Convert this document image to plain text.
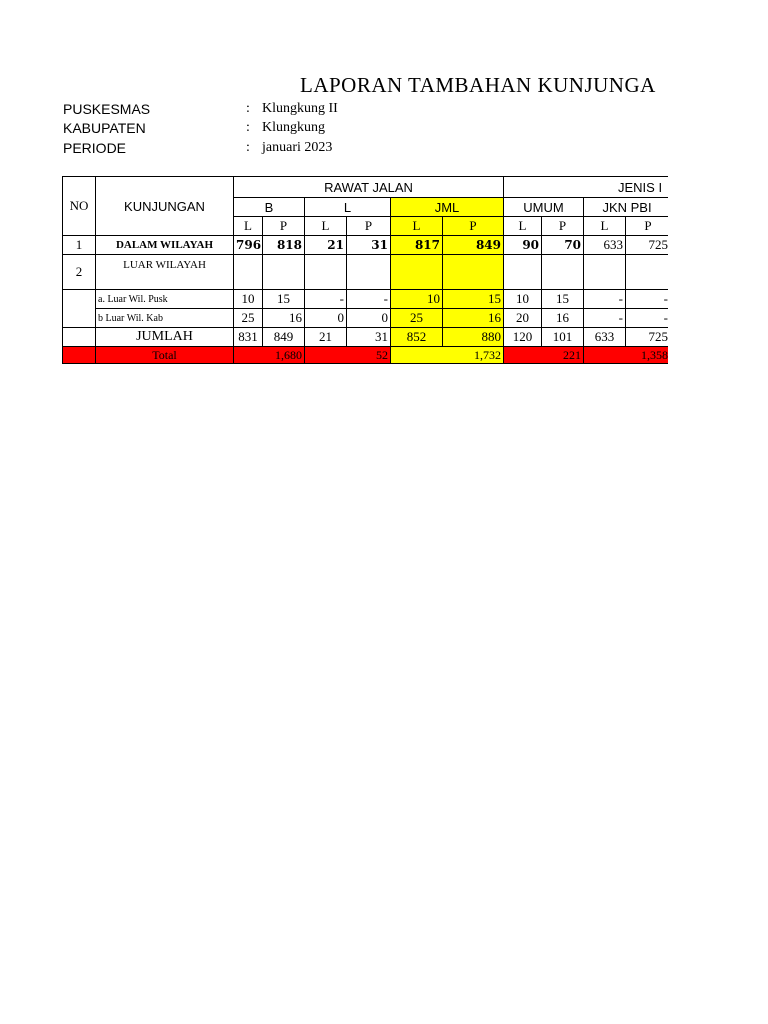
LAPORAN TAMBAHAN KUNJUNGA
PUSKESMAS	: Klungkung II
KABUPATEN	: Klungkung
PERIODE	: januari 2023
NO	KUNJUNGAN	RAWAT JALAN						JENIS I				
		B		L		JML		UMUM		JKN PBI		
		L	P	L	P	L	P	L	P	L	P	
1	DALAM WILAYAH	796	818	21	31	817	849	90	70	633	725	
2	LUAR WILAYAH											
	a. Luar Wil. Pusk	10	15	-	-	10	15	10	15	-	-	
	b Luar Wil. Kab	25	16	0	0	25	16	20	16	-	-	
	JUMLAH	831	849	21	31	852	880	120	101	633	725	
	Total	1,680		52		1,732		221		1,358		
